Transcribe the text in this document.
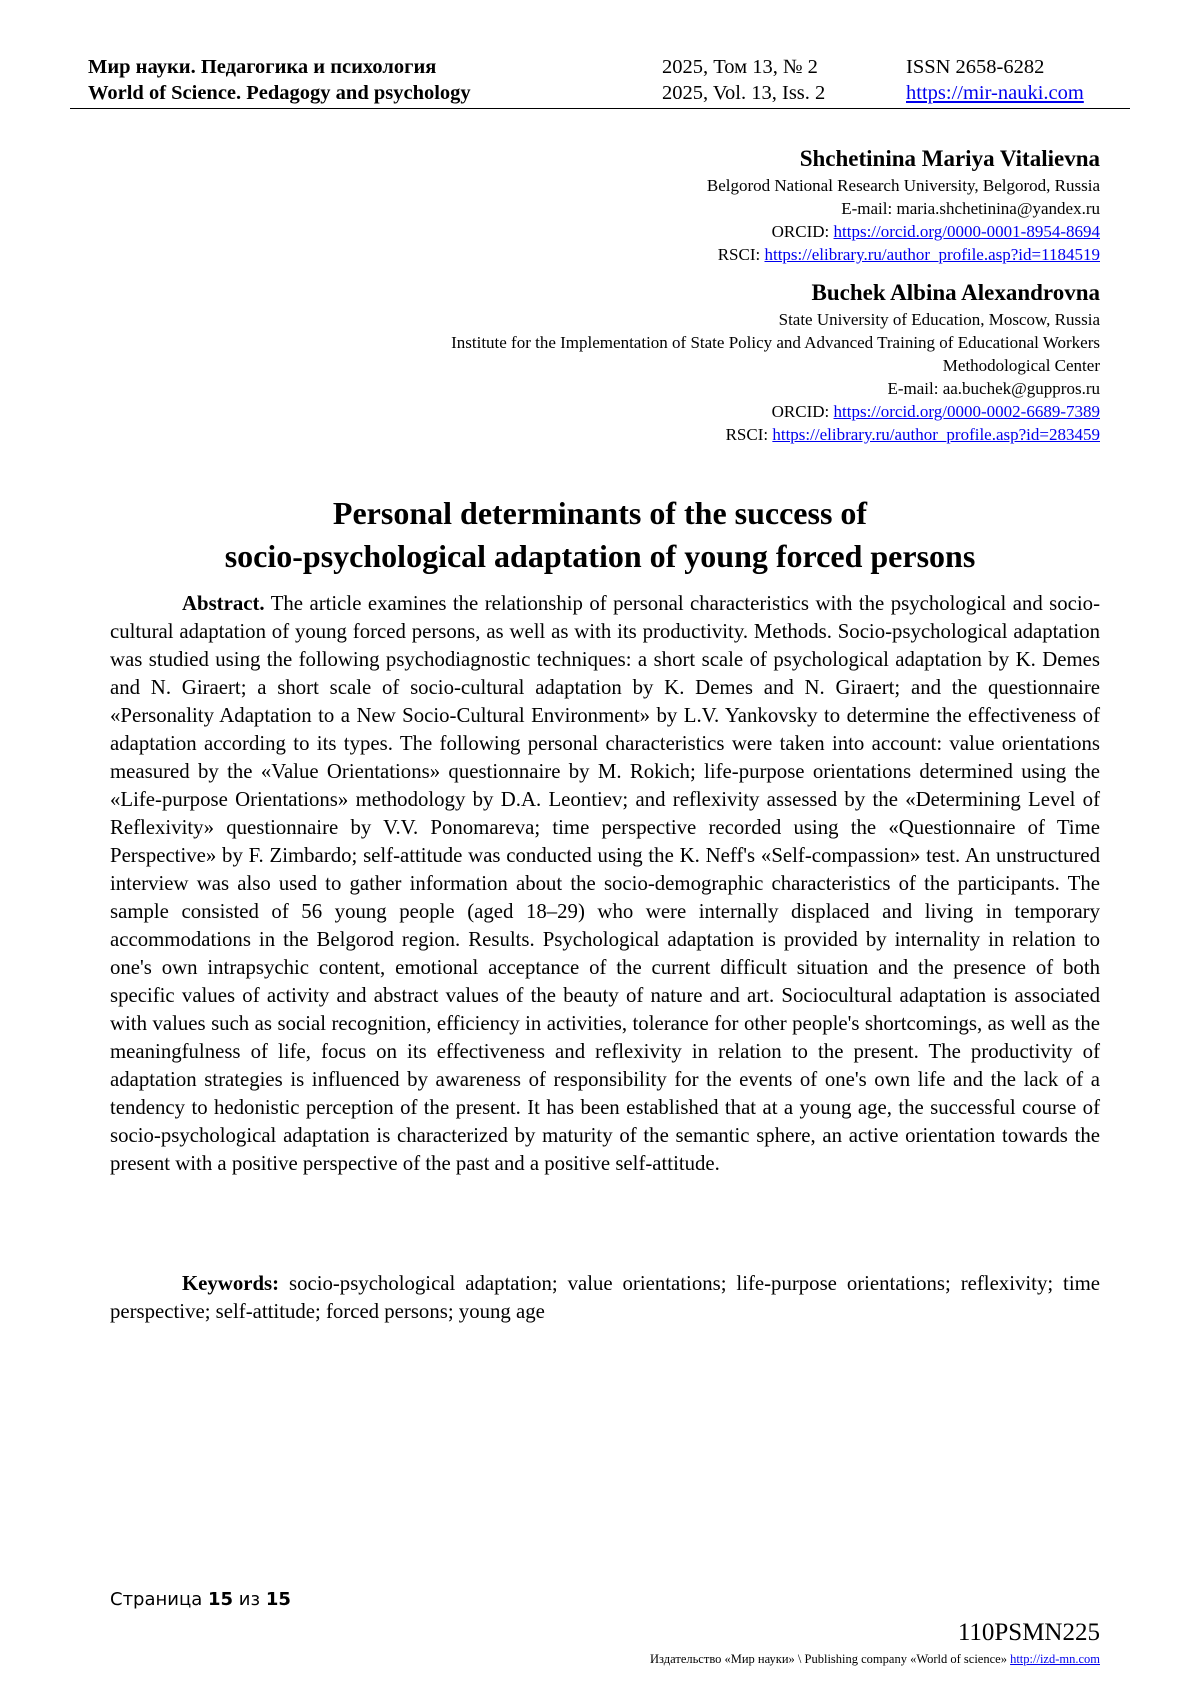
Мир науки. Педагогика и психология	2025, Том 13, № 2	ISSN 2658-6282
World of Science. Pedagogy and psychology	2025, Vol. 13, Iss. 2	https://mir-nauki.com
Shchetinina Mariya Vitalievna
Belgorod National Research University, Belgorod, Russia
E-mail: maria.shchetinina@yandex.ru
ORCID: https://orcid.org/0000-0001-8954-8694
RSCI: https://elibrary.ru/author_profile.asp?id=1184519
Buchek Albina Alexandrovna
State University of Education, Moscow, Russia
Institute for the Implementation of State Policy and Advanced Training of Educational Workers
Methodological Center
E-mail: aa.buchek@guppros.ru
ORCID: https://orcid.org/0000-0002-6689-7389
RSCI: https://elibrary.ru/author_profile.asp?id=283459
Personal determinants of the success of
socio-psychological adaptation of young forced persons
Abstract. The article examines the relationship of personal characteristics with the psychological and socio-cultural adaptation of young forced persons, as well as with its productivity. Methods. Socio-psychological adaptation was studied using the following psychodiagnostic techniques: a short scale of psychological adaptation by K. Demes and N. Giraert; a short scale of socio-cultural adaptation by K. Demes and N. Giraert; and the questionnaire «Personality Adaptation to a New Socio-Cultural Environment» by L.V. Yankovsky to determine the effectiveness of adaptation according to its types. The following personal characteristics were taken into account: value orientations measured by the «Value Orientations» questionnaire by M. Rokich; life-purpose orientations determined using the «Life-purpose Orientations» methodology by D.A. Leontiev; and reflexivity assessed by the «Determining Level of Reflexivity» questionnaire by V.V. Ponomareva; time perspective recorded using the «Questionnaire of Time Perspective» by F. Zimbardo; self-attitude was conducted using the K. Neff's «Self-compassion» test. An unstructured interview was also used to gather information about the socio-demographic characteristics of the participants. The sample consisted of 56 young people (aged 18–29) who were internally displaced and living in temporary accommodations in the Belgorod region. Results. Psychological adaptation is provided by internality in relation to one's own intrapsychic content, emotional acceptance of the current difficult situation and the presence of both specific values of activity and abstract values of the beauty of nature and art. Sociocultural adaptation is associated with values such as social recognition, efficiency in activities, tolerance for other people's shortcomings, as well as the meaningfulness of life, focus on its effectiveness and reflexivity in relation to the present. The productivity of adaptation strategies is influenced by awareness of responsibility for the events of one's own life and the lack of a tendency to hedonistic perception of the present. It has been established that at a young age, the successful course of socio-psychological adaptation is characterized by maturity of the semantic sphere, an active orientation towards the present with a positive perspective of the past and a positive self-attitude.
Keywords: socio-psychological adaptation; value orientations; life-purpose orientations; reflexivity; time perspective; self-attitude; forced persons; young age
Страница 15 из 15
110PSMN225
Издательство «Мир науки» \ Publishing company «World of science» http://izd-mn.com
